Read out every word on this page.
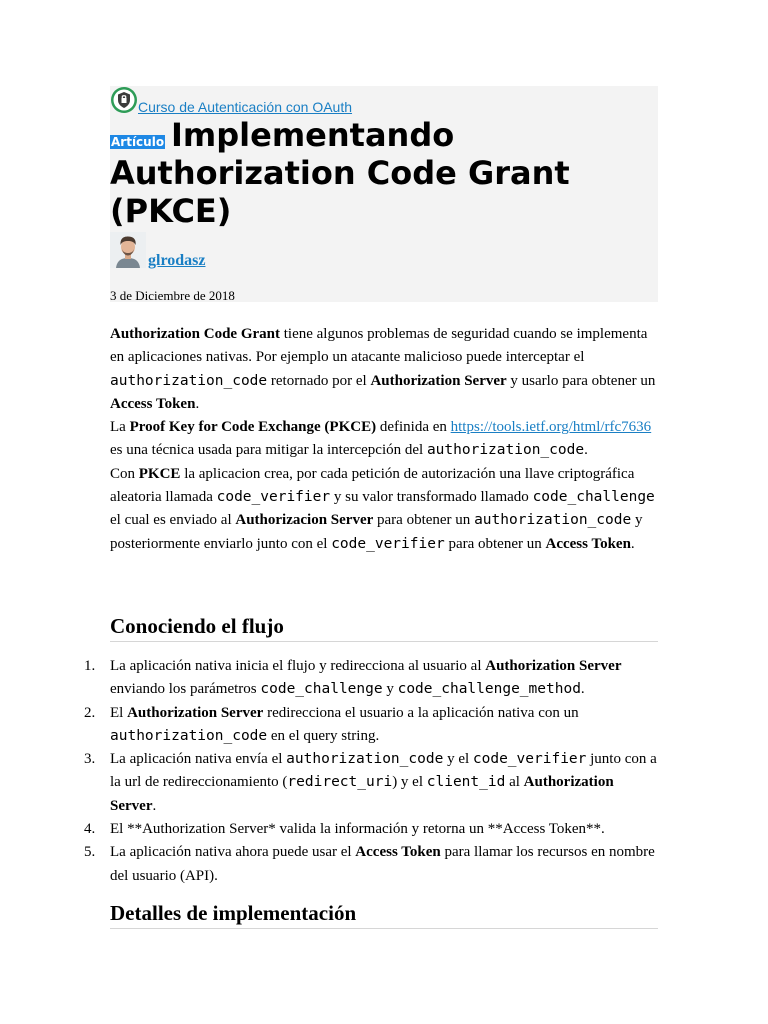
Curso de Autenticación con OAuth
Artículo Implementando Authorization Code Grant (PKCE)
glrodasz
3 de Diciembre de 2018

Authorization Code Grant tiene algunos problemas de seguridad cuando se implementa en aplicaciones nativas. Por ejemplo un atacante malicioso puede interceptar el authorization_code retornado por el Authorization Server y usarlo para obtener un Access Token.

La Proof Key for Code Exchange (PKCE) definida en https://tools.ietf.org/html/rfc7636 es una técnica usada para mitigar la intercepción del authorization_code.

Con PKCE la aplicacion crea, por cada petición de autorización una llave criptográfica aleatoria llamada code_verifier y su valor transformado llamado code_challenge el cual es enviado al Authorizacion Server para obtener un authorization_code y posteriormente enviarlo junto con el code_verifier para obtener un Access Token.

Conociendo el flujo
1. La aplicación nativa inicia el flujo y redirecciona al usuario al Authorization Server enviando los parámetros code_challenge y code_challenge_method.
2. El Authorization Server redirecciona el usuario a la aplicación nativa con un authorization_code en el query string.
3. La aplicación nativa envía el authorization_code y el code_verifier junto con a la url de redireccionamiento (redirect_uri) y el client_id al Authorization Server.
4. El **Authorization Server* valida la información y retorna un **Access Token**.
5. La aplicación nativa ahora puede usar el Access Token para llamar los recursos en nombre del usuario (API).
Detalles de implementación
